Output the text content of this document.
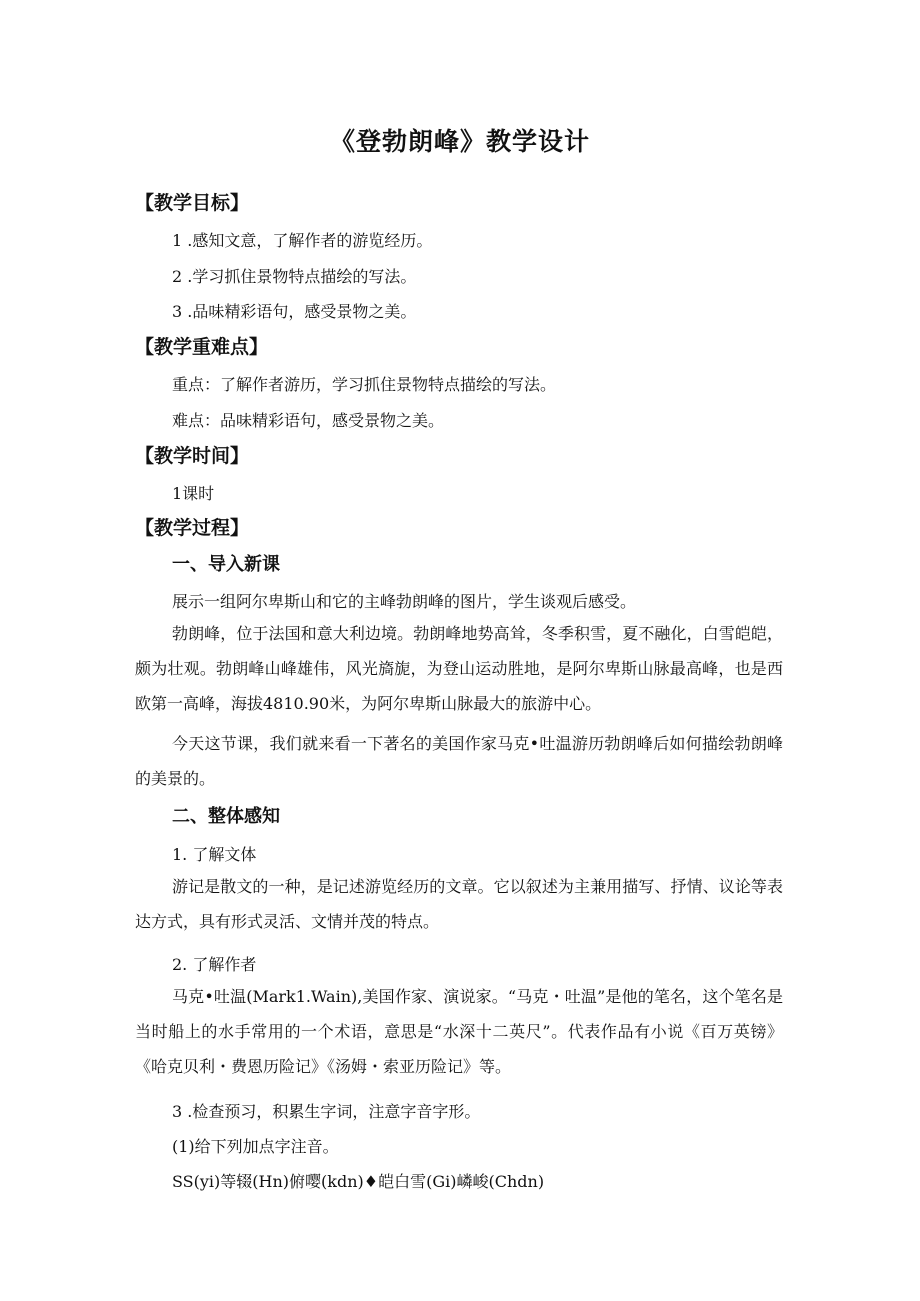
《登勃朗峰》教学设计
【教学目标】
1 .感知文意，了解作者的游览经历。
2 .学习抓住景物特点描绘的写法。
3 .品味精彩语句，感受景物之美。
【教学重难点】
重点：了解作者游历，学习抓住景物特点描绘的写法。
难点：品味精彩语句，感受景物之美。
【教学时间】
1课时
【教学过程】
一、导入新课
展示一组阿尔卑斯山和它的主峰勃朗峰的图片，学生谈观后感受。

勃朗峰，位于法国和意大利边境。勃朗峰地势高耸，冬季积雪，夏不融化，白雪皑皑，颇为壮观。勃朗峰山峰雄伟，风光旖旎，为登山运动胜地，是阿尔卑斯山脉最高峰，也是西欧第一高峰，海拔4810.90米，为阿尔卑斯山脉最大的旅游中心。

今天这节课，我们就来看一下著名的美国作家马克•吐温游历勃朗峰后如何描绘勃朗峰的美景的。

二、整体感知
1. 了解文体

游记是散文的一种，是记述游览经历的文章。它以叙述为主兼用描写、抒情、议论等表达方式，具有形式灵活、文情并茂的特点。

2. 了解作者

马克•吐温(Mark1.Wain),美国作家、演说家。“马克・吐温”是他的笔名，这个笔名是当时船上的水手常用的一个术语，意思是“水深十二英尺”。代表作品有小说《百万英镑》《哈克贝利・费恩历险记》《汤姆・索亚历险记》等。

3 .检查预习，积累生字词，注意字音字形。
(1)给下列加点字注音。
SS(yi)等辍(Hn)俯嘤(kdn)♦皑白雪(Gi)嶙峻(Chdn)
